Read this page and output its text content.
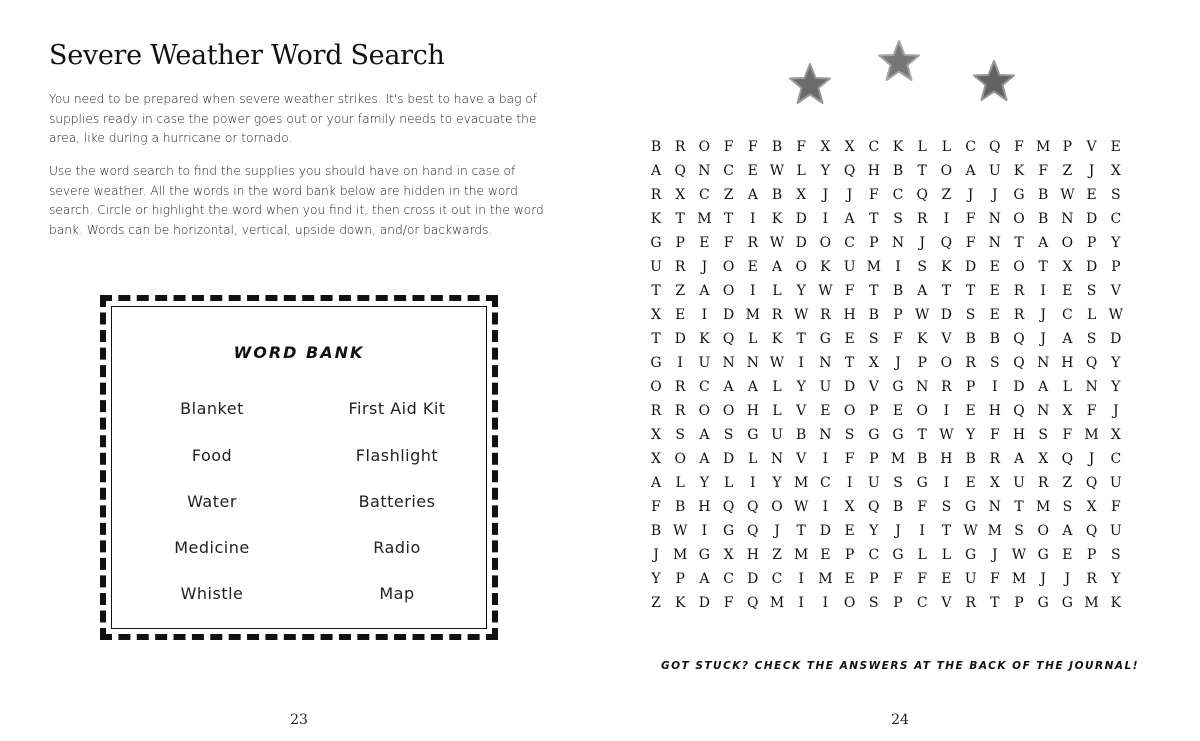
Severe Weather Word Search

You need to be prepared when severe weather strikes. It's best to have a bag of supplies ready in case the power goes out or your family needs to evacuate the area, like during a hurricane or tornado.

Use the word search to find the supplies you should have on hand in case of severe weather. All the words in the word bank below are hidden in the word search. Circle or highlight the word when you find it, then cross it out in the word bank. Words can be horizontal, vertical, upside down, and/or backwards.

WORD BANK
Blanket	First Aid Kit
Food	Flashlight
Water	Batteries
Medicine	Radio
Whistle	Map
23
B R O F	F	B	F	X	X C K	L	L	C Q F M P	V	E
A Q N C E W L	Y Q H B	T O A U K	F	Z	J	X
R X C Z	A B	X	J	J	F C Q Z	J	J	G B W E	S
K	T M T	I	K D	I	A	T	S	R	I	F N O B N D C
G P	E	F	R W D O C	P N	J	Q F N T	A O P	Y
U R	J	O E	A O K U M	I	S	K D E O T	X D P
T	Z	A O	I	L	Y W F	T	B A	T	T	E R	I	E	S	V
X	E	I	D M R W R H B	P W D S	E R	J	C	L W
T D K Q L	K	T G E	S	F	K V B B Q	J	A	S D
G	I	U N N W	I	N T	X	J	P O R	S Q N H Q Y
O R C A	A	L	Y U D V G N R	P	I	D A	L N Y
R R O O H L	V	E O P	E O	I	E H Q N X	F	J
X	S	A	S G U B N S G G T W Y	F H S	F M X
X O A D L N V	I	F	P M B H B R A	X Q	J	C
A	L	Y	L	I	Y M C	I	U S G	I	E	X U R	Z Q U
F	B H Q Q O W	I	X Q B	F	S G N T M S	X	F
B W	I	G Q	J	T D E	Y	J	I	T W M S O A Q U
J	M G X H Z M E	P	C G L	L G	J	W G E	P	S
Y	P	A C D C	I	M E	P	F	F	E U F M	J	J	R	Y
Z	K D F Q M	I	I	O S	P	C V R	T	P G G M K
GOT STUCK? CHECK THE ANSWERS AT THE BACK OF THE JOURNAL!
24
